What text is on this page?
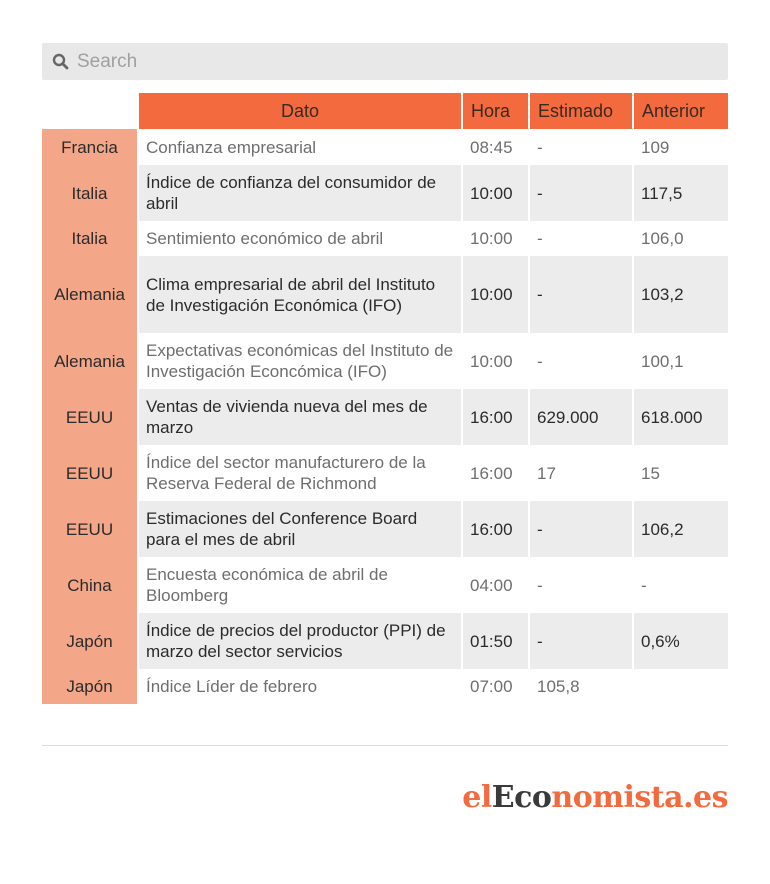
Search
	Dato	Hora	Estimado	Anterior
Francia	Confianza empresarial	08:45	-	109
Italia	Índice de confianza del consumidor de abril	10:00	-	117,5
Italia	Sentimiento económico de abril	10:00	-	106,0
Alemania	Clima empresarial de abril del Instituto de Investigación Económica (IFO)	10:00	-	103,2
Alemania	Expectativas económicas del Instituto de Investigación Econcómica (IFO)	10:00	-	100,1
EEUU	Ventas de vivienda nueva del mes de marzo	16:00	629.000	618.000
EEUU	Índice del sector manufacturero de la Reserva Federal de Richmond	16:00	17	15
EEUU	Estimaciones del Conference Board para el mes de abril	16:00	-	106,2
China	Encuesta económica de abril de Bloomberg	04:00	-	-
Japón	Índice de precios del productor (PPI) de marzo del sector servicios	01:50	-	0,6%
Japón	Índice Líder de febrero	07:00	105,8	
elEconomista.es
